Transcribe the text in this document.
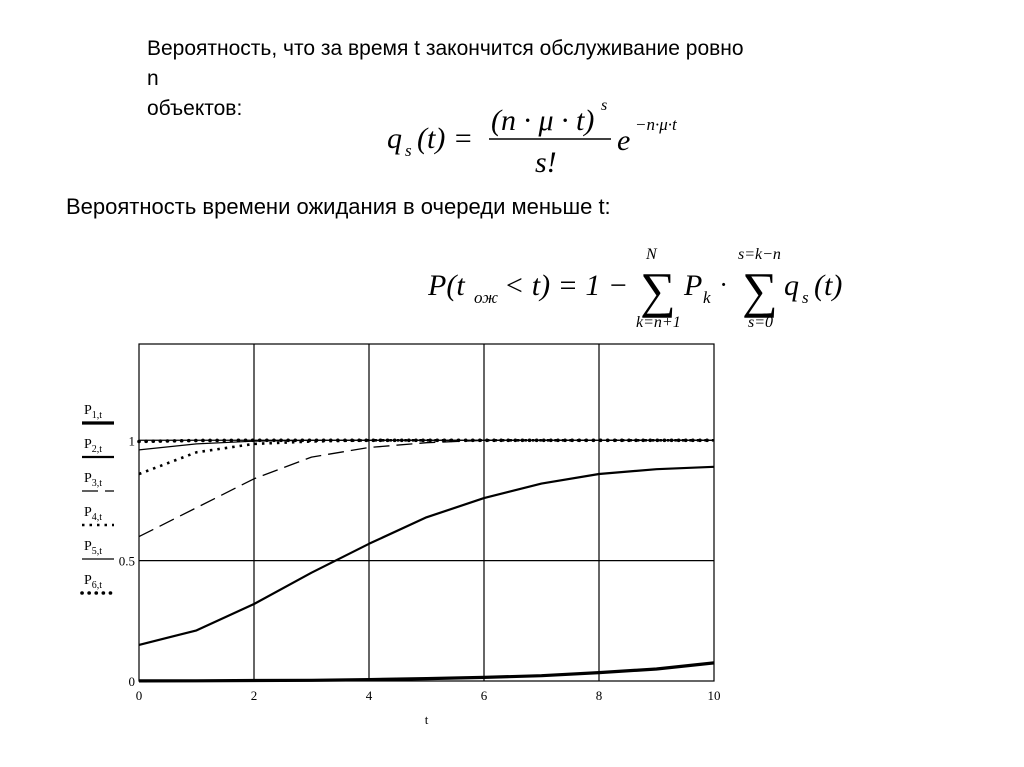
Вероятность, что за время t закончится обслуживание ровно n
объектов:
q s (t) =
(n · μ · t) s
s!
e −n·μ·t
Вероятность времени ожидания в очереди меньше t:
P(t ож < t) = 1 −
N
∑
k=n+1
P k ·
s=k−n
∑
s=0
q s (t)
0	2	4	6	8	10
0
0.5
1
t
$P_{1,t}$
$P_{2,t}$
$P_{3,t}$
$P_{4,t}$
$P_{5,t}$
$P_{6,t}$
